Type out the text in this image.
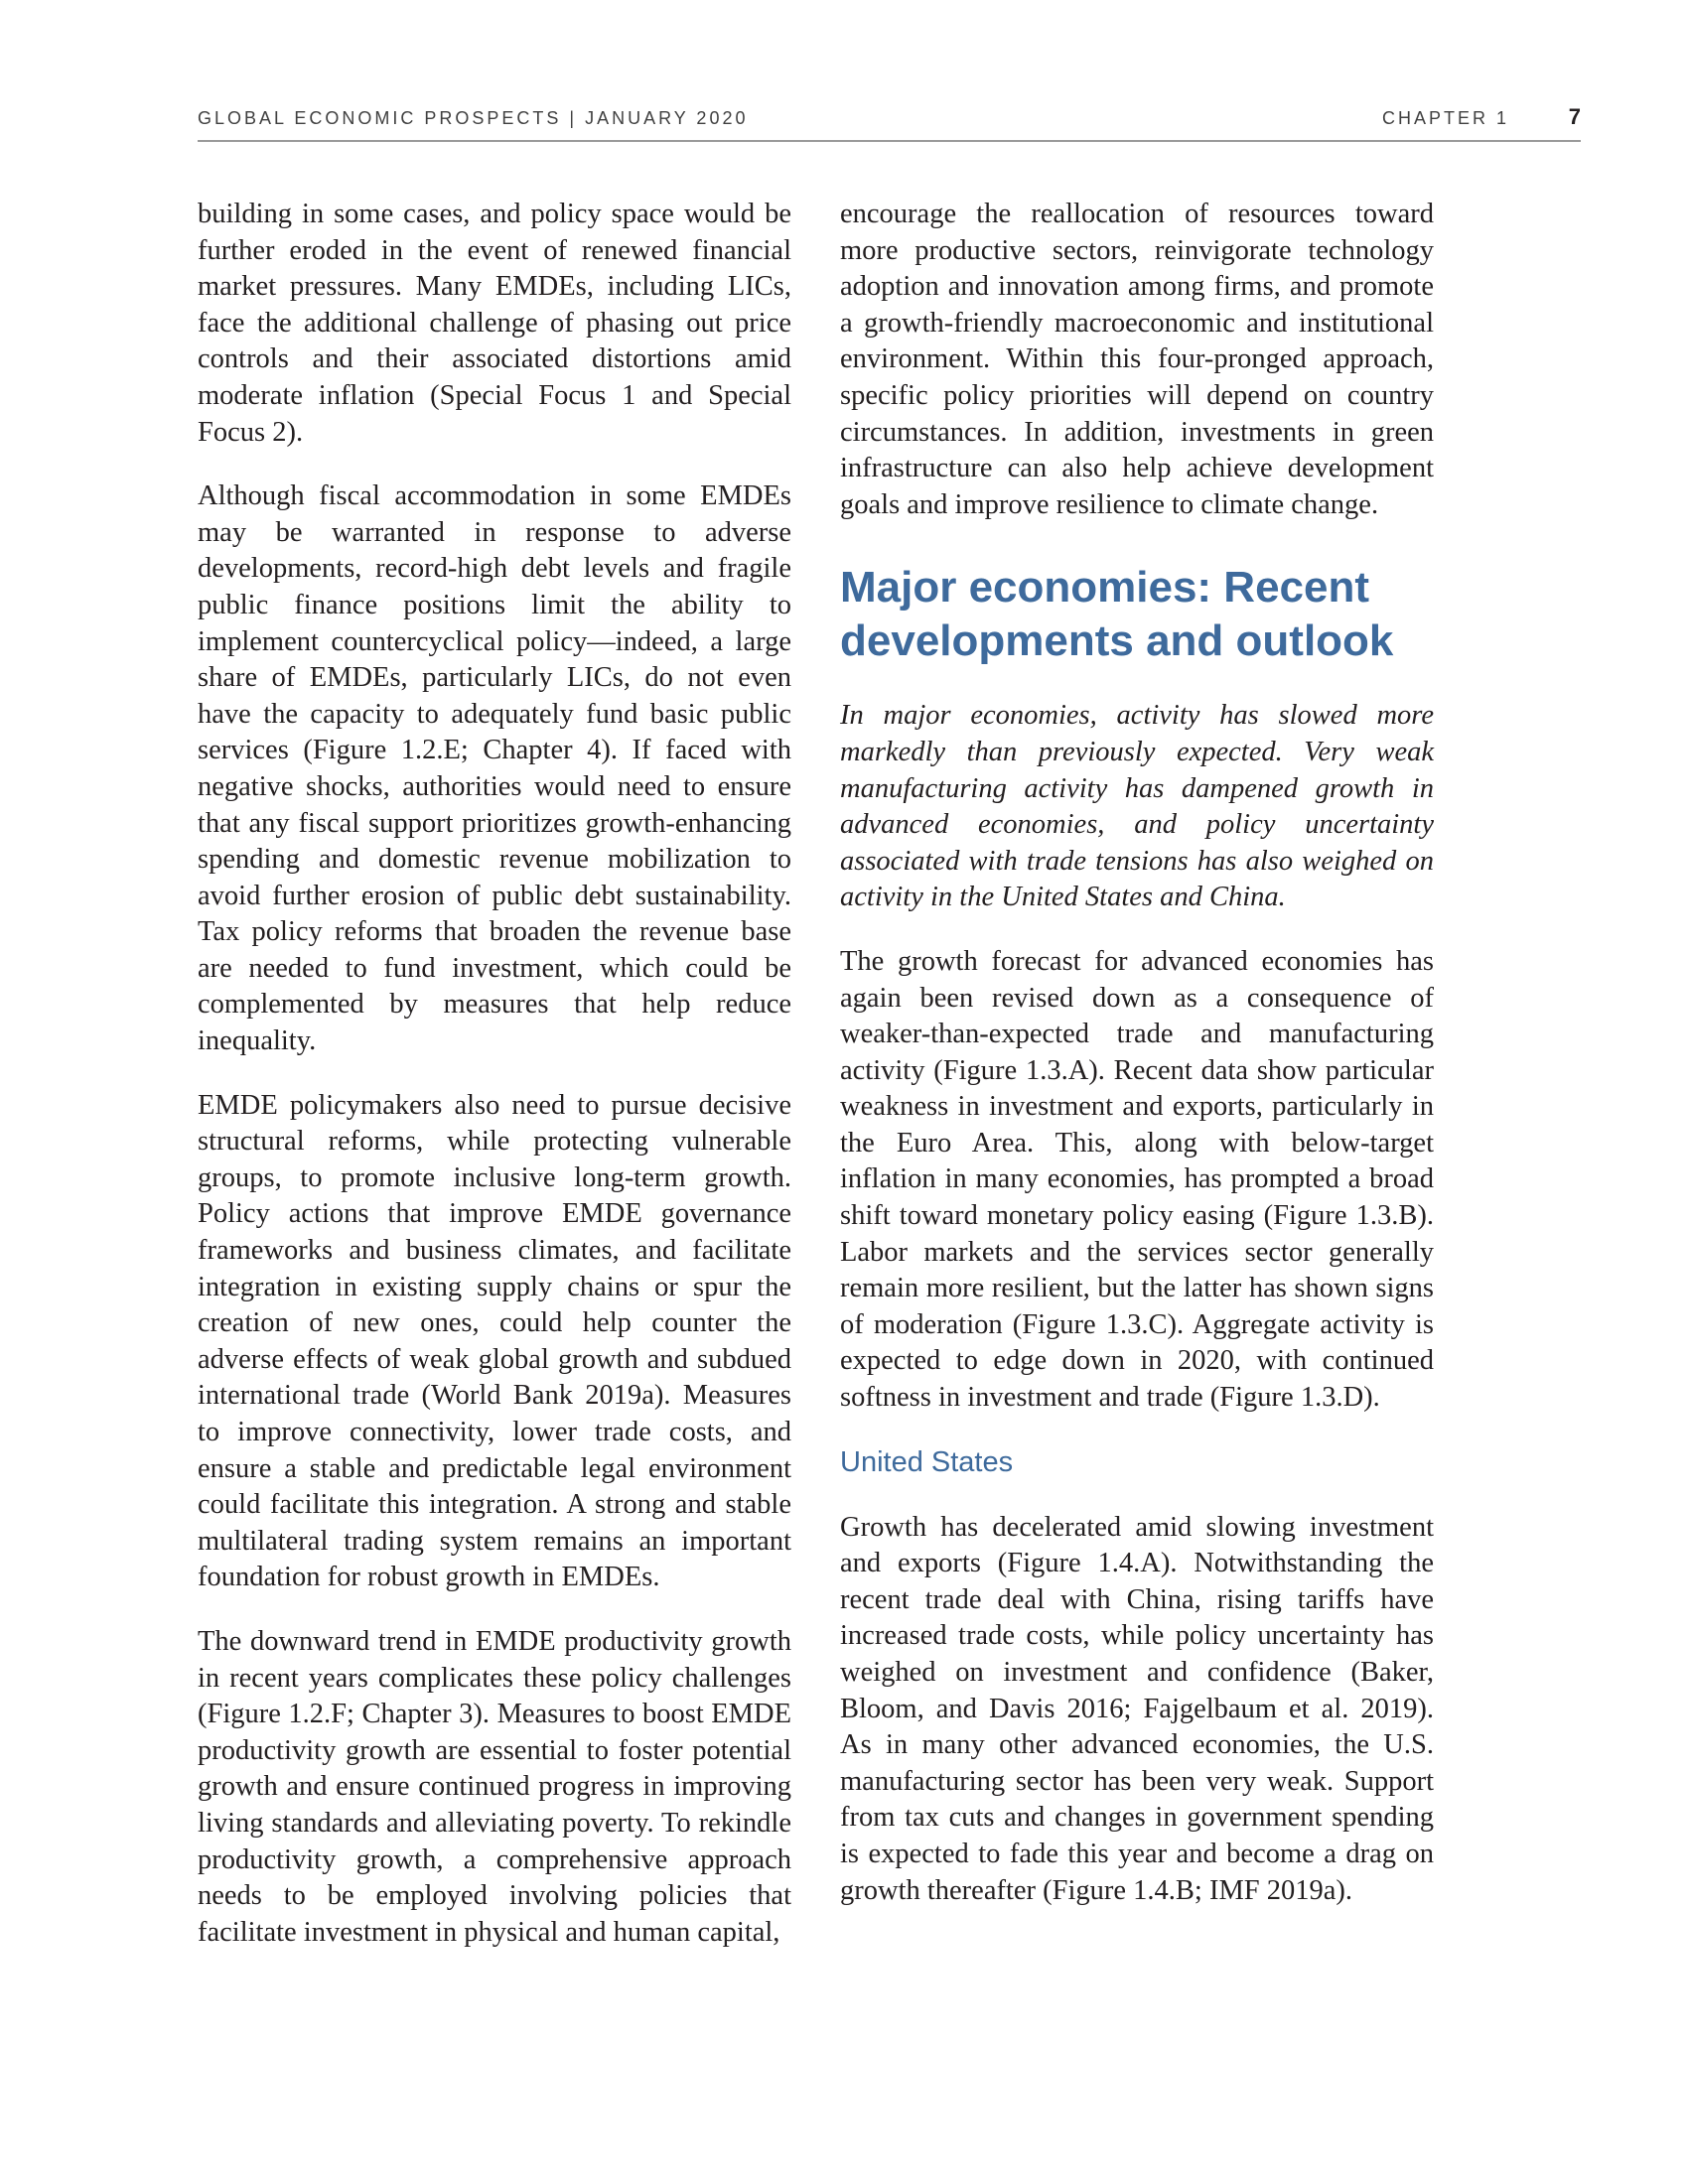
GLOBAL ECONOMIC PROSPECTS | JANUARY 2020	CHAPTER 1	7

building in some cases, and policy space would be further eroded in the event of renewed financial market pressures. Many EMDEs, including LICs, face the additional challenge of phasing out price controls and their associated distortions amid moderate inflation (Special Focus 1 and Special Focus 2).

Although fiscal accommodation in some EMDEs may be warranted in response to adverse developments, record-high debt levels and fragile public finance positions limit the ability to implement countercyclical policy—indeed, a large share of EMDEs, particularly LICs, do not even have the capacity to adequately fund basic public services (Figure 1.2.E; Chapter 4). If faced with negative shocks, authorities would need to ensure that any fiscal support prioritizes growth-enhancing spending and domestic revenue mobilization to avoid further erosion of public debt sustainability. Tax policy reforms that broaden the revenue base are needed to fund investment, which could be complemented by measures that help reduce inequality.

EMDE policymakers also need to pursue decisive structural reforms, while protecting vulnerable groups, to promote inclusive long-term growth. Policy actions that improve EMDE governance frameworks and business climates, and facilitate integration in existing supply chains or spur the creation of new ones, could help counter the adverse effects of weak global growth and subdued international trade (World Bank 2019a). Measures to improve connectivity, lower trade costs, and ensure a stable and predictable legal environment could facilitate this integration. A strong and stable multilateral trading system remains an important foundation for robust growth in EMDEs.

The downward trend in EMDE productivity growth in recent years complicates these policy challenges (Figure 1.2.F; Chapter 3). Measures to boost EMDE productivity growth are essential to foster potential growth and ensure continued progress in improving living standards and alleviating poverty. To rekindle productivity growth, a comprehensive approach needs to be employed involving policies that facilitate investment in physical and human capital,

encourage the reallocation of resources toward more productive sectors, reinvigorate technology adoption and innovation among firms, and promote a growth-friendly macroeconomic and institutional environment. Within this four-pronged approach, specific policy priorities will depend on country circumstances. In addition, investments in green infrastructure can also help achieve development goals and improve resilience to climate change.

Major economies: Recent developments and outlook

In major economies, activity has slowed more markedly than previously expected. Very weak manufacturing activity has dampened growth in advanced economies, and policy uncertainty associated with trade tensions has also weighed on activity in the United States and China.

The growth forecast for advanced economies has again been revised down as a consequence of weaker-than-expected trade and manufacturing activity (Figure 1.3.A). Recent data show particular weakness in investment and exports, particularly in the Euro Area. This, along with below-target inflation in many economies, has prompted a broad shift toward monetary policy easing (Figure 1.3.B). Labor markets and the services sector generally remain more resilient, but the latter has shown signs of moderation (Figure 1.3.C). Aggregate activity is expected to edge down in 2020, with continued softness in investment and trade (Figure 1.3.D).

United States

Growth has decelerated amid slowing investment and exports (Figure 1.4.A). Notwithstanding the recent trade deal with China, rising tariffs have increased trade costs, while policy uncertainty has weighed on investment and confidence (Baker, Bloom, and Davis 2016; Fajgelbaum et al. 2019). As in many other advanced economies, the U.S. manufacturing sector has been very weak. Support from tax cuts and changes in government spending is expected to fade this year and become a drag on growth thereafter (Figure 1.4.B; IMF 2019a).
